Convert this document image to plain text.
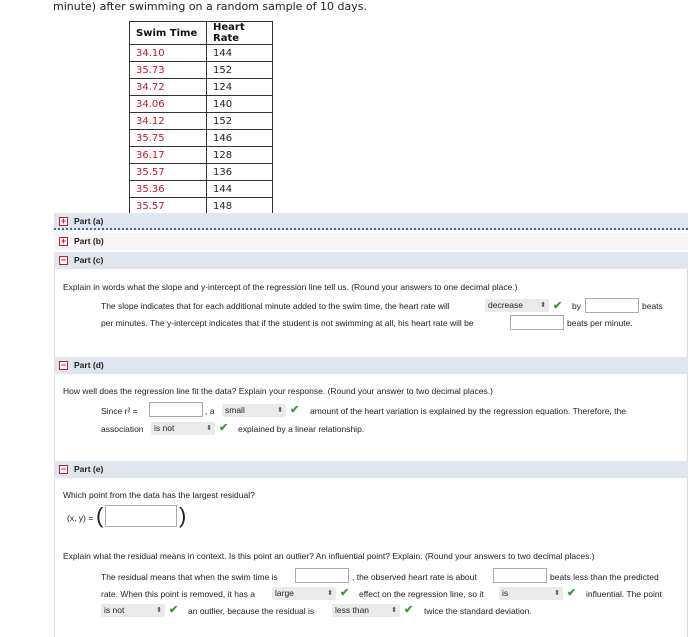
minute) after swimming on a random sample of 10 days.
Swim Time	Heart Rate
34.10	144
35.73	152
34.72	124
34.06	140
34.12	152
35.75	146
36.17	128
35.57	136
35.36	144
35.57	148
+ Part (a)
+ Part (b)
− Part (c)
Explain in words what the slope and y-intercept of the regression line tell us. (Round your answers to one decimal place.)
The slope indicates that for each additional minute added to the swim time, the heart rate will	decrease ⬍ ✔ by	beats
per minutes. The y-intercept indicates that if the student is not swimming at all, his heart rate will be	beats per minute.
− Part (d)
How well does the regression line fit the data? Explain your response. (Round your answer to two decimal places.)
Since r² =	, a	small	⬍ ✔ amount of the heart variation is explained by the regression equation. Therefore, the
association	is not	⬍ ✔ explained by a linear relationship.
− Part (e)
Which point from the data has the largest residual?
(x, y) = (	)
Explain what the residual means in context. Is this point an outlier? An influential point? Explain. (Round your answers to two decimal places.)
The residual means that when the swim time is	, the observed heart rate is about	beats less than the predicted
rate. When this point is removed, it has a	large	⬍ ✔ effect on the regression line, so it	is	⬍ ✔ influential. The point
is not	⬍ ✔ an outlier, because the residual is	less than	⬍ ✔ twice the standard deviation.
